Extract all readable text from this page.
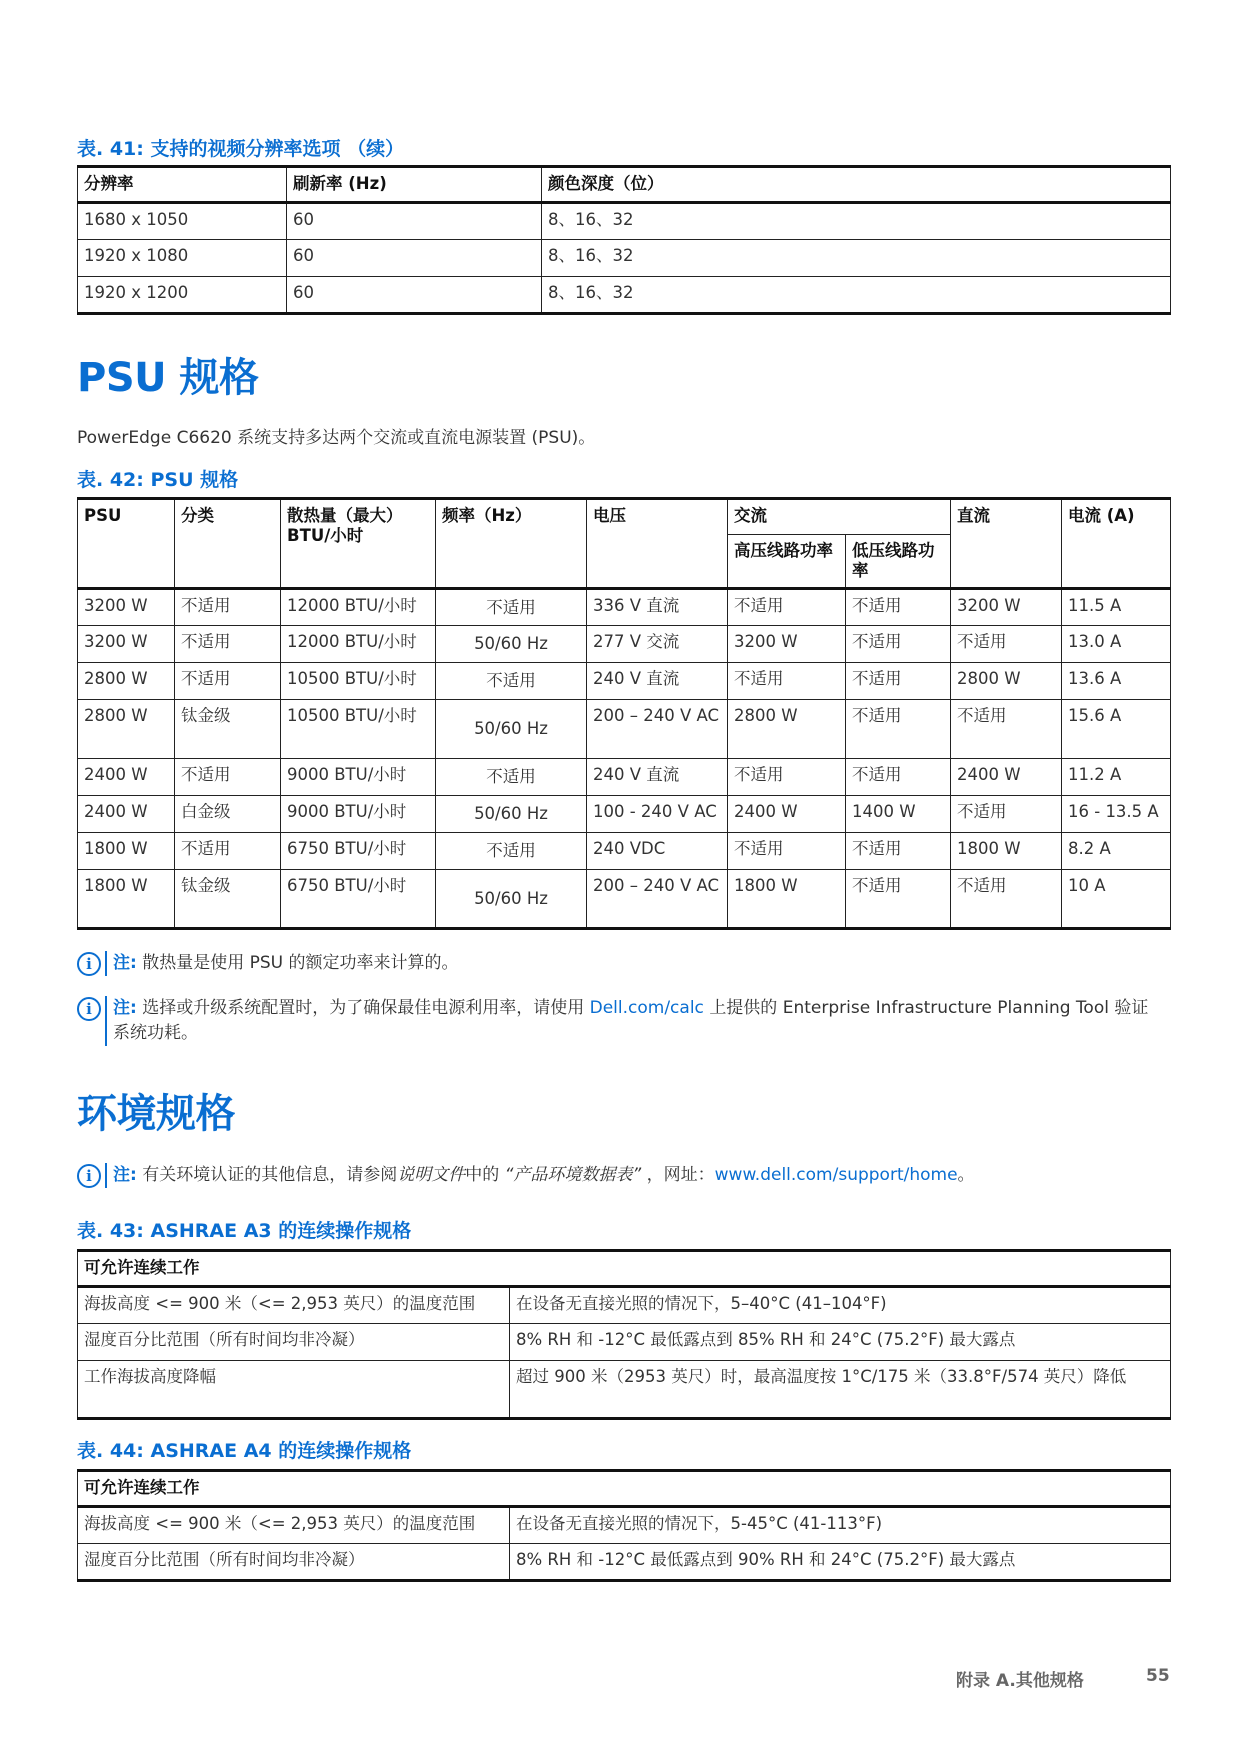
表. 41: 支持的视频分辨率选项 （续）
分辨率	刷新率 (Hz)	颜色深度（位）
1680 x 1050	60	8、16、32
1920 x 1080	60	8、16、32
1920 x 1200	60	8、16、32
PSU 规格
PowerEdge C6620 系统支持多达两个交流或直流电源装置 (PSU)。
表. 42: PSU 规格
PSU	分类	散热量（最大）BTU/小时	频率（Hz）	电压	交流		直流	电流 (A)
					高压线路功率	低压线路功率		
3200 W	不适用	12000 BTU/小时	不适用	336 V 直流	不适用	不适用	3200 W	11.5 A
3200 W	不适用	12000 BTU/小时	50/60 Hz	277 V 交流	3200 W	不适用	不适用	13.0 A
2800 W	不适用	10500 BTU/小时	不适用	240 V 直流	不适用	不适用	2800 W	13.6 A
2800 W	钛金级	10500 BTU/小时	50/60 Hz	200 – 240 V AC	2800 W	不适用	不适用	15.6 A
2400 W	不适用	9000 BTU/小时	不适用	240 V 直流	不适用	不适用	2400 W	11.2 A
2400 W	白金级	9000 BTU/小时	50/60 Hz	100 - 240 V AC	2400 W	1400 W	不适用	16 - 13.5 A
1800 W	不适用	6750 BTU/小时	不适用	240 VDC	不适用	不适用	1800 W	8.2 A
1800 W	钛金级	6750 BTU/小时	50/60 Hz	200 – 240 V AC	1800 W	不适用	不适用	10 A
i	注: 散热量是使用 PSU 的额定功率来计算的。
i	注: 选择或升级系统配置时，为了确保最佳电源利用率，请使用 Dell.com/calc 上提供的 Enterprise Infrastructure Planning Tool 验证系统功耗。
环境规格
i	注: 有关环境认证的其他信息，请参阅说明文件中的 “产品环境数据表” ，网址：www.dell.com/support/home。
表. 43: ASHRAE A3 的连续操作规格
可允许连续工作	
海拔高度 <= 900 米（<= 2,953 英尺）的温度范围	在设备无直接光照的情况下，5–40°C (41–104°F)
湿度百分比范围（所有时间均非冷凝）	8% RH 和 -12°C 最低露点到 85% RH 和 24°C (75.2°F) 最大露点
工作海拔高度降幅	超过 900 米（2953 英尺）时，最高温度按 1°C/175 米（33.8°F/574 英尺）降低
表. 44: ASHRAE A4 的连续操作规格
可允许连续工作	
海拔高度 <= 900 米（<= 2,953 英尺）的温度范围	在设备无直接光照的情况下，5-45°C (41-113°F)
湿度百分比范围（所有时间均非冷凝）	8% RH 和 -12°C 最低露点到 90% RH 和 24°C (75.2°F) 最大露点
附录 A.其他规格	55
